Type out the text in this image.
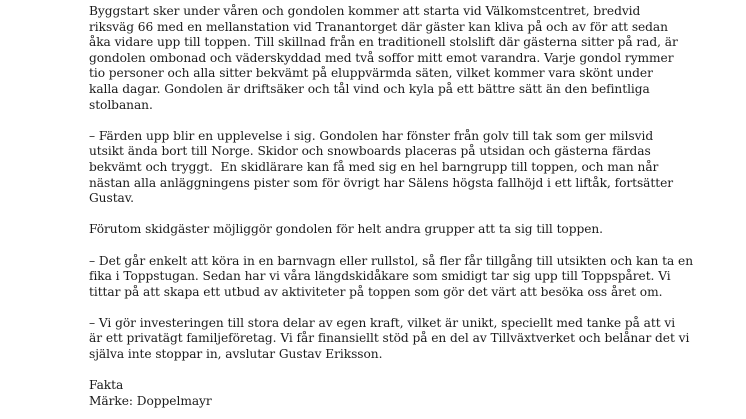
Byggstart sker under våren och gondolen kommer att starta vid Välkomstcentret, bredvid
riksväg 66 med en mellanstation vid Tranantorget där gäster kan kliva på och av för att sedan
åka vidare upp till toppen. Till skillnad från en traditionell stolslift där gästerna sitter på rad, är
gondolen ombonad och väderskyddad med två soffor mitt emot varandra. Varje gondol rymmer
tio personer och alla sitter bekvämt på eluppvärmda säten, vilket kommer vara skönt under
kalla dagar. Gondolen är driftsäker och tål vind och kyla på ett bättre sätt än den befintliga
stolbanan.

– Färden upp blir en upplevelse i sig. Gondolen har fönster från golv till tak som ger milsvid
utsikt ända bort till Norge. Skidor och snowboards placeras på utsidan och gästerna färdas
bekvämt och tryggt.  En skidlärare kan få med sig en hel barngrupp till toppen, och man når
nästan alla anläggningens pister som för övrigt har Sälens högsta fallhöjd i ett liftåk, fortsätter
Gustav.

Förutom skidgäster möjliggör gondolen för helt andra grupper att ta sig till toppen.

– Det går enkelt att köra in en barnvagn eller rullstol, så fler får tillgång till utsikten och kan ta en
fika i Toppstugan. Sedan har vi våra längdskidåkare som smidigt tar sig upp till Toppspåret. Vi
tittar på att skapa ett utbud av aktiviteter på toppen som gör det värt att besöka oss året om.

– Vi gör investeringen till stora delar av egen kraft, vilket är unikt, speciellt med tanke på att vi
är ett privatägt familjeföretag. Vi får finansiellt stöd på en del av Tillväxtverket och belånar det vi
själva inte stoppar in, avslutar Gustav Eriksson.

Fakta
Märke: Doppelmayr
